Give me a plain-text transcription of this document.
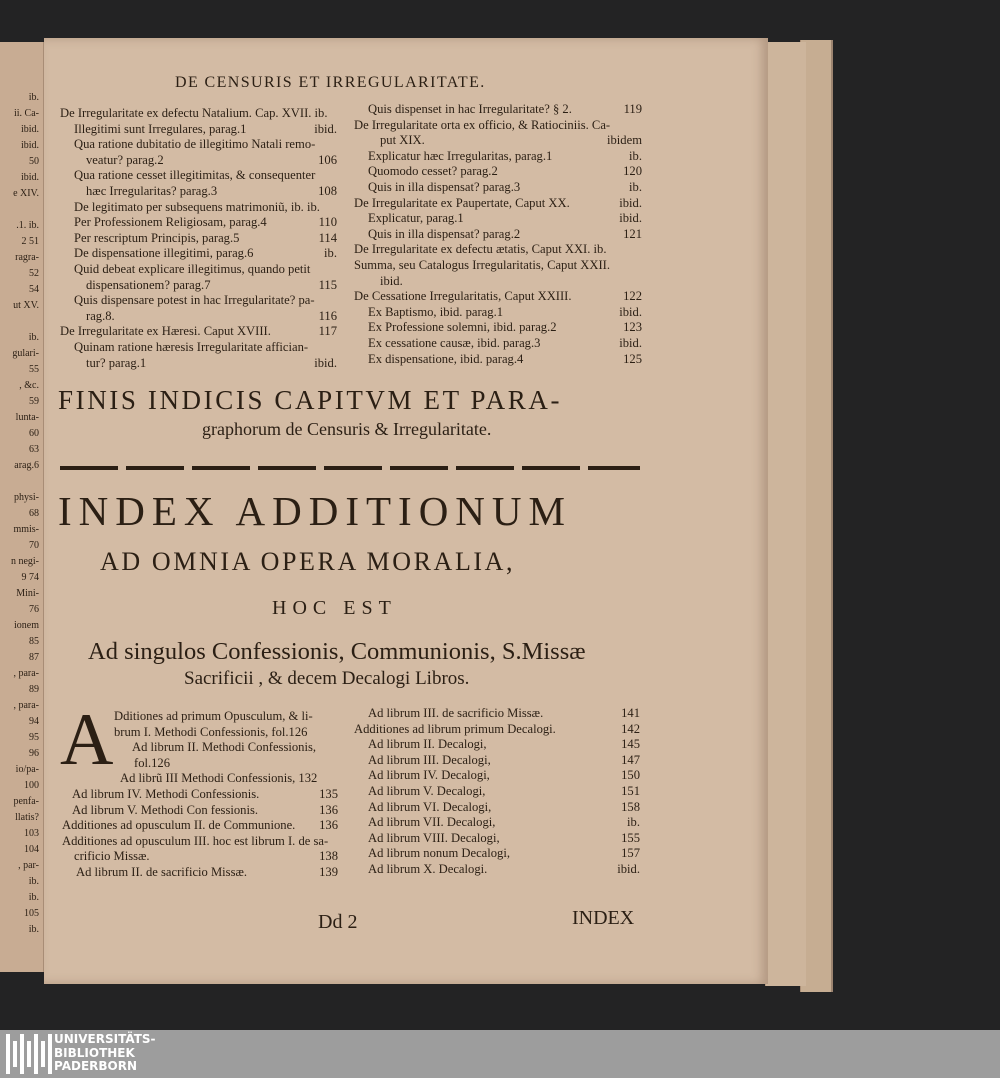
ib.
ii. Ca-
ibid.
ibid.
50
ibid.
e XIV.
.1. ib.
2 51
ragra-
52
54
ut XV.
ib.
gulari-
55
, &c.
59
lunta-
60
63
arag.6
physi-
68
mmis-
70
n negi-
9 74
Mini-
76
ionem
85
87
, para-
89
, para-
94
95
96
io/pa-
100
penfa-
llatis?
103
104
, par-
ib.
ib.
105
ib.
DE CENSURIS ET IRREGULARITATE.
De Irregularitate ex defectu Natalium. Cap. XVII. ib.
Illegitimi sunt Irregulares, parag.1	ibid.
Qua ratione dubitatio de illegitimo Natali remo-
veatur? parag.2	106
Qua ratione cesset illegitimitas, & consequenter
hæc Irregularitas? parag.3	108
De legitimato per subsequens matrimoniũ, ib. ib.
Per Professionem Religiosam, parag.4	110
Per rescriptum Principis, parag.5	114
De dispensatione illegitimi, parag.6	ib.
Quid debeat explicare illegitimus, quando petit
dispensationem? parag.7	115
Quis dispensare potest in hac Irregularitate? pa-
rag.8.	116
De Irregularitate ex Hæresi. Caput XVIII.	117
Quinam ratione hæresis Irregularitate affician-
tur? parag.1	ibid.
Quis dispenset in hac Irregularitate? § 2.	119
De Irregularitate orta ex officio, & Ratiociniis. Ca-
put XIX.	ibidem
Explicatur hæc Irregularitas, parag.1	ib.
Quomodo cesset? parag.2	120
Quis in illa dispensat? parag.3	ib.
De Irregularitate ex Paupertate, Caput XX.	ibid.
Explicatur, parag.1	ibid.
Quis in illa dispensat? parag.2	121
De Irregularitate ex defectu ætatis, Caput XXI. ib.
Summa, seu Catalogus Irregularitatis, Caput XXII.
ibid.
De Cessatione Irregularitatis, Caput XXIII.	122
Ex Baptismo, ibid. parag.1	ibid.
Ex Professione solemni, ibid. parag.2	123
Ex cessatione causæ, ibid. parag.3	ibid.
Ex dispensatione, ibid. parag.4	125
FINIS INDICIS CAPITVM ET PARA-
graphorum de Censuris & Irregularitate.
INDEX ADDITIONUM
AD OMNIA OPERA MORALIA,
HOC EST
Ad singulos Confessionis, Communionis, S.Missæ
Sacrificii , & decem Decalogi Libros.
A Dditiones ad primum Opusculum, & li-
brum I. Methodi Confessionis, fol.126
Ad librum II. Methodi Confessionis,
fol.126
Ad librũ III Methodi Confessionis, 132
Ad librum IV. Methodi Confessionis.	135
Ad librum V. Methodi Con fessionis.	136
Additiones ad opusculum II. de Communione. 136
Additiones ad opusculum III. hoc est librum I. de sa-
crificio Missæ.	138
Ad librum II. de sacrificio Missæ.	139
Ad librum III. de sacrificio Missæ.	141
Additiones ad librum primum Decalogi.	142
Ad librum II. Decalogi,	145
Ad librum III. Decalogi,	147
Ad librum IV. Decalogi,	150
Ad librum V. Decalogi,	151
Ad librum VI. Decalogi,	158
Ad librum VII. Decalogi,	ib.
Ad librum VIII. Decalogi,	155
Ad librum nonum Decalogi,	157
Ad librum X. Decalogi.	ibid.
Dd 2	INDEX
UNIVERSITÄTS-
BIBLIOTHEK
PADERBORN
